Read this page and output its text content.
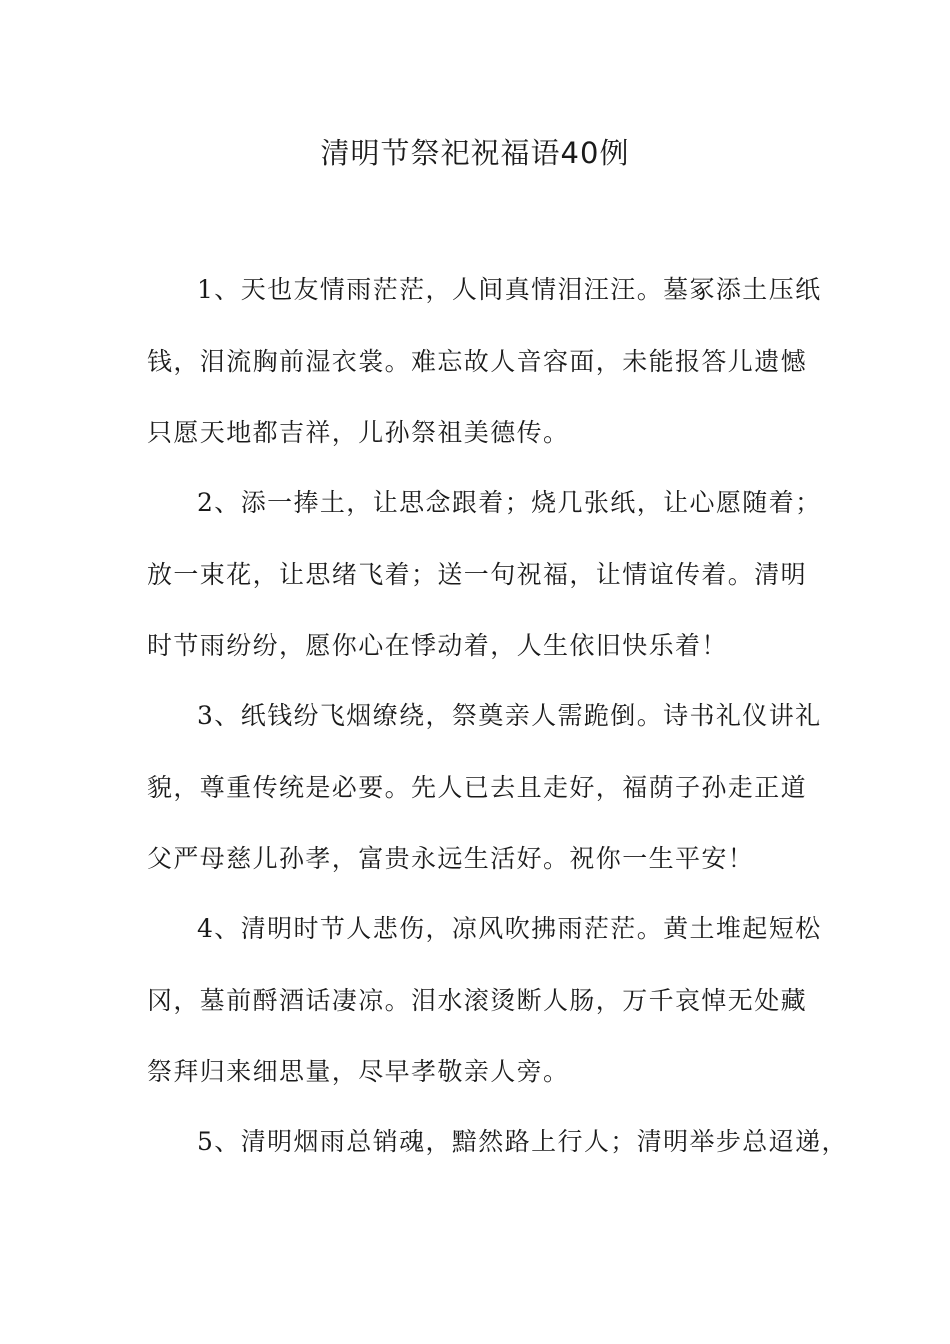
清明节祭祀祝福语40例
1、天也友情雨茫茫，人间真情泪汪汪。墓冢添土压纸
钱，泪流胸前湿衣裳。难忘故人音容面，未能报答儿遗憾
只愿天地都吉祥，儿孙祭祖美德传。
2、添一捧土，让思念跟着；烧几张纸，让心愿随着；
放一束花，让思绪飞着；送一句祝福，让情谊传着。清明
时节雨纷纷，愿你心在悸动着，人生依旧快乐着！
3、纸钱纷飞烟缭绕，祭奠亲人需跪倒。诗书礼仪讲礼
貌，尊重传统是必要。先人已去且走好，福荫子孙走正道
父严母慈儿孙孝，富贵永远生活好。祝你一生平安！
4、清明时节人悲伤，凉风吹拂雨茫茫。黄土堆起短松
冈，墓前酹酒话凄凉。泪水滚烫断人肠，万千哀悼无处藏
祭拜归来细思量，尽早孝敬亲人旁。
5、清明烟雨总销魂，黯然路上行人；清明举步总迢递，
